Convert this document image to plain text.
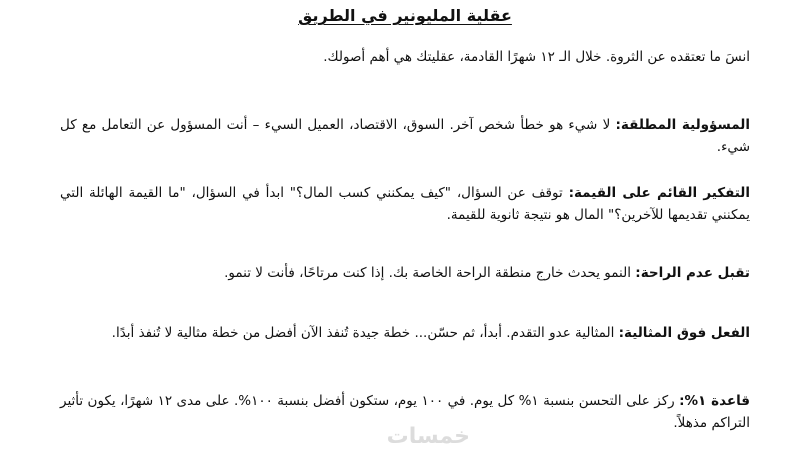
عقلية المليونير في الطريق
انسَ ما تعتقده عن الثروة. خلال الـ ١٢ شهرًا القادمة، عقليتك هي أهم أصولك.
المسؤولية المطلقة: لا شيء هو خطأ شخص آخر. السوق، الاقتصاد، العميل السيء – أنت المسؤول عن التعامل مع كل شيء.
التفكير القائم على القيمة: توقف عن السؤال، "كيف يمكنني كسب المال؟" ابدأ في السؤال، "ما القيمة الهائلة التي يمكنني تقديمها للآخرين؟" المال هو نتيجة ثانوية للقيمة.
تقبل عدم الراحة: النمو يحدث خارج منطقة الراحة الخاصة بك. إذا كنت مرتاحًا، فأنت لا تنمو.
الفعل فوق المثالية: المثالية عدو التقدم. أبدأ، ثم حسّن... خطة جيدة تُنفذ الآن أفضل من خطة مثالية لا تُنفذ أبدًا.
قاعدة ١%: ركز على التحسن بنسبة ١% كل يوم. في ١٠٠ يوم، ستكون أفضل بنسبة ١٠٠%. على مدى ١٢ شهرًا، يكون تأثير التراكم مذهلاً.
خمسات
